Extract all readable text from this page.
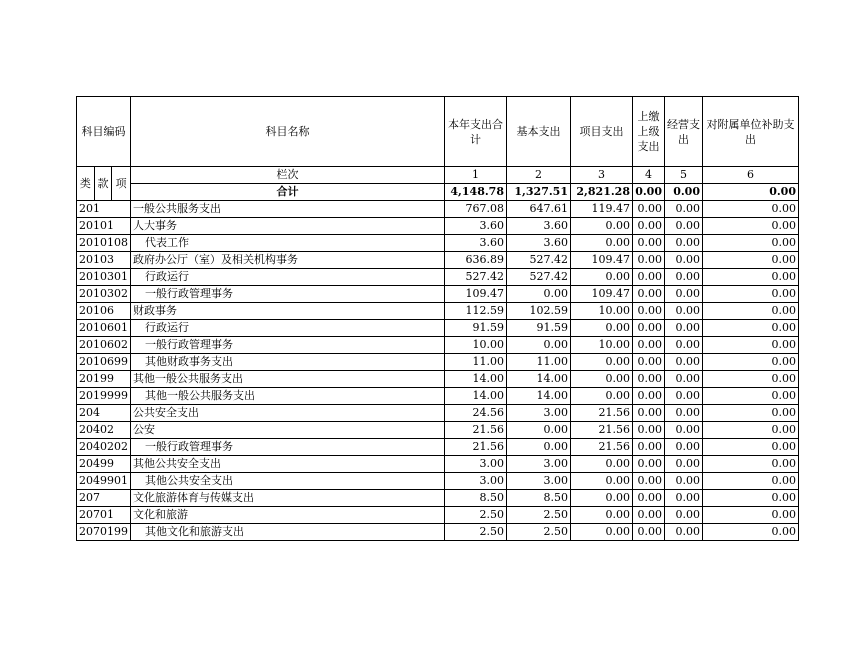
科目编码			科目名称	本年支出合计	基本支出	项目支出	上缴上级支出	经营支出	对附属单位补助支出
类	款	项	栏次	1	2	3	4	5	6
			合计	4,148.78	1,327.51	2,821.28	0.00	0.00	0.00
201			一般公共服务支出	767.08	647.61	119.47	0.00	0.00	0.00
20101			人大事务	3.60	3.60	0.00	0.00	0.00	0.00
2010108			代表工作	3.60	3.60	0.00	0.00	0.00	0.00
20103			政府办公厅（室）及相关机构事务	636.89	527.42	109.47	0.00	0.00	0.00
2010301			行政运行	527.42	527.42	0.00	0.00	0.00	0.00
2010302			一般行政管理事务	109.47	0.00	109.47	0.00	0.00	0.00
20106			财政事务	112.59	102.59	10.00	0.00	0.00	0.00
2010601			行政运行	91.59	91.59	0.00	0.00	0.00	0.00
2010602			一般行政管理事务	10.00	0.00	10.00	0.00	0.00	0.00
2010699			其他财政事务支出	11.00	11.00	0.00	0.00	0.00	0.00
20199			其他一般公共服务支出	14.00	14.00	0.00	0.00	0.00	0.00
2019999			其他一般公共服务支出	14.00	14.00	0.00	0.00	0.00	0.00
204			公共安全支出	24.56	3.00	21.56	0.00	0.00	0.00
20402			公安	21.56	0.00	21.56	0.00	0.00	0.00
2040202			一般行政管理事务	21.56	0.00	21.56	0.00	0.00	0.00
20499			其他公共安全支出	3.00	3.00	0.00	0.00	0.00	0.00
2049901			其他公共安全支出	3.00	3.00	0.00	0.00	0.00	0.00
207			文化旅游体育与传媒支出	8.50	8.50	0.00	0.00	0.00	0.00
20701			文化和旅游	2.50	2.50	0.00	0.00	0.00	0.00
2070199			其他文化和旅游支出	2.50	2.50	0.00	0.00	0.00	0.00
